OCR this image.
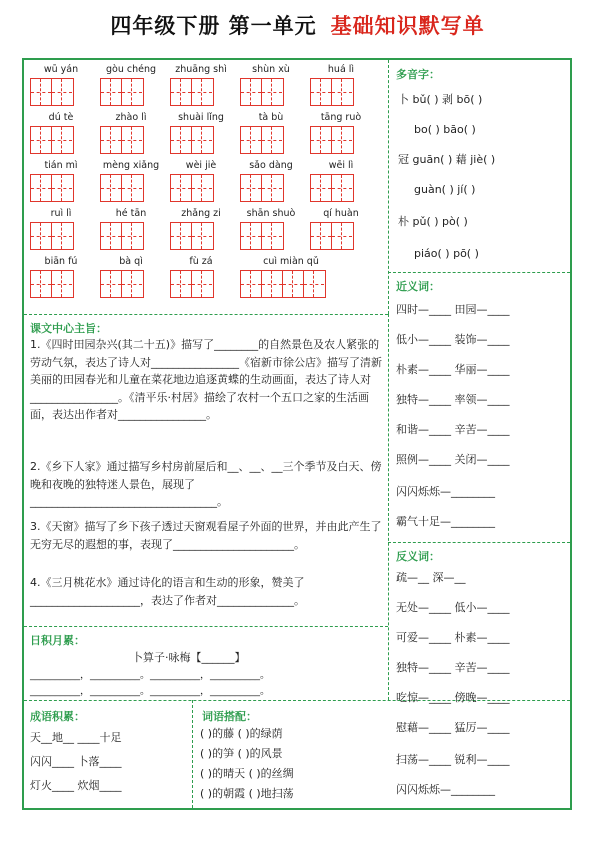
四年级下册 第一单元 基础知识默写单
wū yán	gòu chéng	zhuāng shì	shùn xù	huá lì
dú tè	zhào lì	shuài lǐng	tà bù	tāng ruò
tián mì	mèng xiǎng	wèi jiè	sǎo dàng	wēi lì
ruì lì	hé tān	zhǎng zi	shān shuò	qí huàn
biān fú	bà qì	fù zá	cuì miàn qǔ
多音字：
卜 bǔ( ) 剥 bō( )
bo( ) bāo( )
冠 guān( ) 藉 jiè( )
guàn( ) jí( )
朴 pǔ( ) pò( )
piáo( ) pō( )
近义词：
四时—____ 田园—____
低小—____ 装饰—____
朴素—____ 华丽—____
独特—____ 率领—____
和谐—____ 辛苦—____
照例—____ 关闭—____
闪闪烁烁—________
霸气十足—________
反义词：
疏—__ 深—__
无处—____ 低小—____
可爱—____ 朴素—____
独特—____ 辛苦—____
吃惊—____ 傍晚—____
慰藉—____ 猛厉—____
扫荡—____ 锐利—____
闪闪烁烁—________
课文中心主旨：
1.《四时田园杂兴(其二十五)》描写了________的自然景色及农人紧张的劳动气氛，表达了诗人对________________《宿新市徐公店》描写了清新美丽的田园春光和儿童在菜花地边追逐黄蝶的生动画面，表达了诗人对________________。《清平乐·村居》描绘了农村一个五口之家的生活画面，表达出作者对________________。
2.《乡下人家》通过描写乡村房前屋后和__、__、__三个季节及白天、傍晚和夜晚的独特迷人景色，展现了__________________________________。
3.《天窗》描写了乡下孩子透过天窗观看屋子外面的世界，并由此产生了无穷无尽的遐想的事，表现了______________________。
4.《三月桃花水》通过诗化的语言和生动的形象，赞美了____________________，表达了作者对______________。
日积月累：
卜算子·咏梅【______】
__________，__________。__________，__________。
__________，__________。__________，__________。
成语积累：
天__地__ ____十足
闪闪____ 卜落____
灯火____ 炊烟____
词语搭配：
( )的藤 ( )的绿荫
( )的笋 ( )的风景
( )的晴天 ( )的丝绸
( )的朝霞 ( )地扫荡
